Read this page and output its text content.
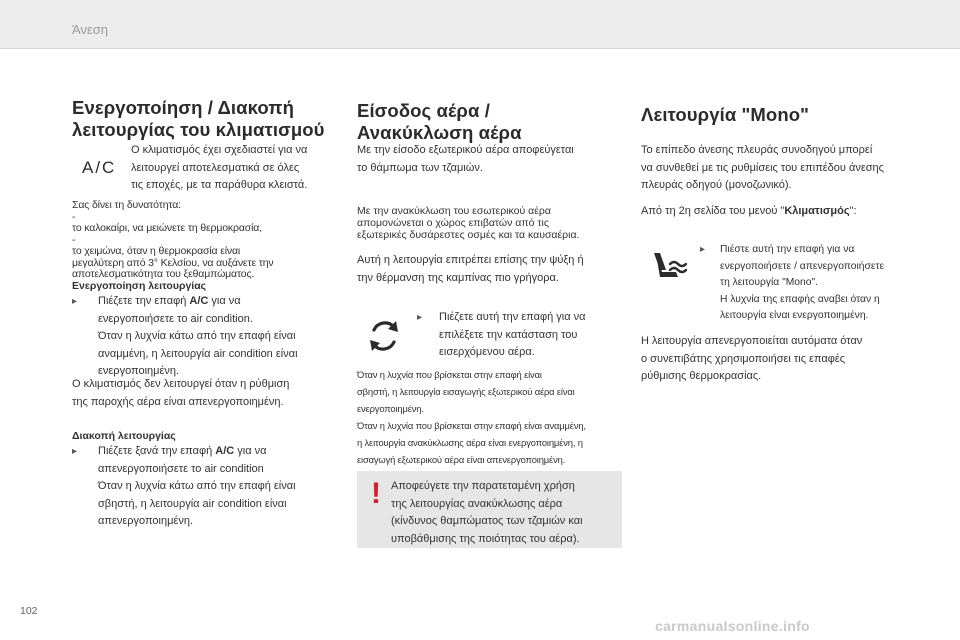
Άνεση
Ενεργοποίηση / Διακοπή
λειτουργίας του κλιματισμού
A/C
Ο κλιματισμός έχει σχεδιαστεί για να
λειτουργεί αποτελεσματικά σε όλες
τις εποχές, με τα παράθυρα κλειστά.
Σας δίνει τη δυνατότητα:
-
το καλοκαίρι, να μειώνετε τη θερμοκρασία,
-
το χειμώνα, όταν η θερμοκρασία είναι
μεγαλύτερη από 3° Κελσίου, να αυξάνετε την
αποτελεσματικότητα του ξεθαμπώματος.
Ενεργοποίηση λειτουργίας
▸	Πιέζετε την επαφή A/C για να
ενεργοποιήσετε το air condition.
Όταν η λυχνία κάτω από την επαφή είναι
αναμμένη, η λειτουργία air condition είναι
ενεργοποιημένη.
Ο κλιματισμός δεν λειτουργεί όταν η ρύθμιση
της παροχής αέρα είναι απενεργοποιημένη.
Διακοπή λειτουργίας
▸	Πιέζετε ξανά την επαφή A/C για να
απενεργοποιήσετε το air condition
Όταν η λυχνία κάτω από την επαφή είναι
σβηστή, η λειτουργία air condition είναι
απενεργοποιημένη.
Είσοδος αέρα /
Ανακύκλωση αέρα
Με την είσοδο εξωτερικού αέρα αποφεύγεται
το θάμπωμα των τζαμιών.
Με την ανακύκλωση του εσωτερικού αέρα
απομονώνεται ο χώρος επιβατών από τις
εξωτερικές δυσάρεστες οσμές και τα καυσαέρια.
Αυτή η λειτουργία επιτρέπει επίσης την ψύξη ή
την θέρμανση της καμπίνας πιο γρήγορα.
▸	Πιέζετε αυτή την επαφή για να
επιλέξετε την κατάσταση του
εισερχόμενου αέρα.
Όταν η λυχνία που βρίσκεται στην επαφή είναι
σβηστή, η λειτουργία εισαγωγής εξωτερικού αέρα είναι
ενεργοποιημένη.
Όταν η λυχνία που βρίσκεται στην επαφή είναι αναμμένη,
η λειτουργία ανακύκλωσης αέρα είναι ενεργοποιημένη, η
εισαγωγή εξωτερικού αέρα είναι απενεργοποιημένη.
! Αποφεύγετε την παρατεταμένη χρήση
της λειτουργίας ανακύκλωσης αέρα
(κίνδυνος θαμπώματος των τζαμιών και
υποβάθμισης της ποιότητας του αέρα).
Λειτουργία "Mono"
Το επίπεδο άνεσης πλευράς συνοδηγού μπορεί
να συνθεθεί με τις ρυθμίσεις του επιπέδου άνεσης
πλευράς οδηγού (μονοζωνικό).
Από τη 2η σελίδα του μενού "Κλιματισμός":
▸	Πιέστε αυτή την επαφή για να
ενεργοποιήσετε / απενεργοποιήσετε
τη λειτουργία "Mono".
Η λυχνία της επαφής αναβει όταν η
λειτουργία είναι ενεργοποιημένη.
Η λειτουργία απενεργοποιείται αυτόματα όταν
ο συνεπιβάτης χρησιμοποιήσει τις επαφές
ρύθμισης θερμοκρασίας.
102
carmanualsonline.info
